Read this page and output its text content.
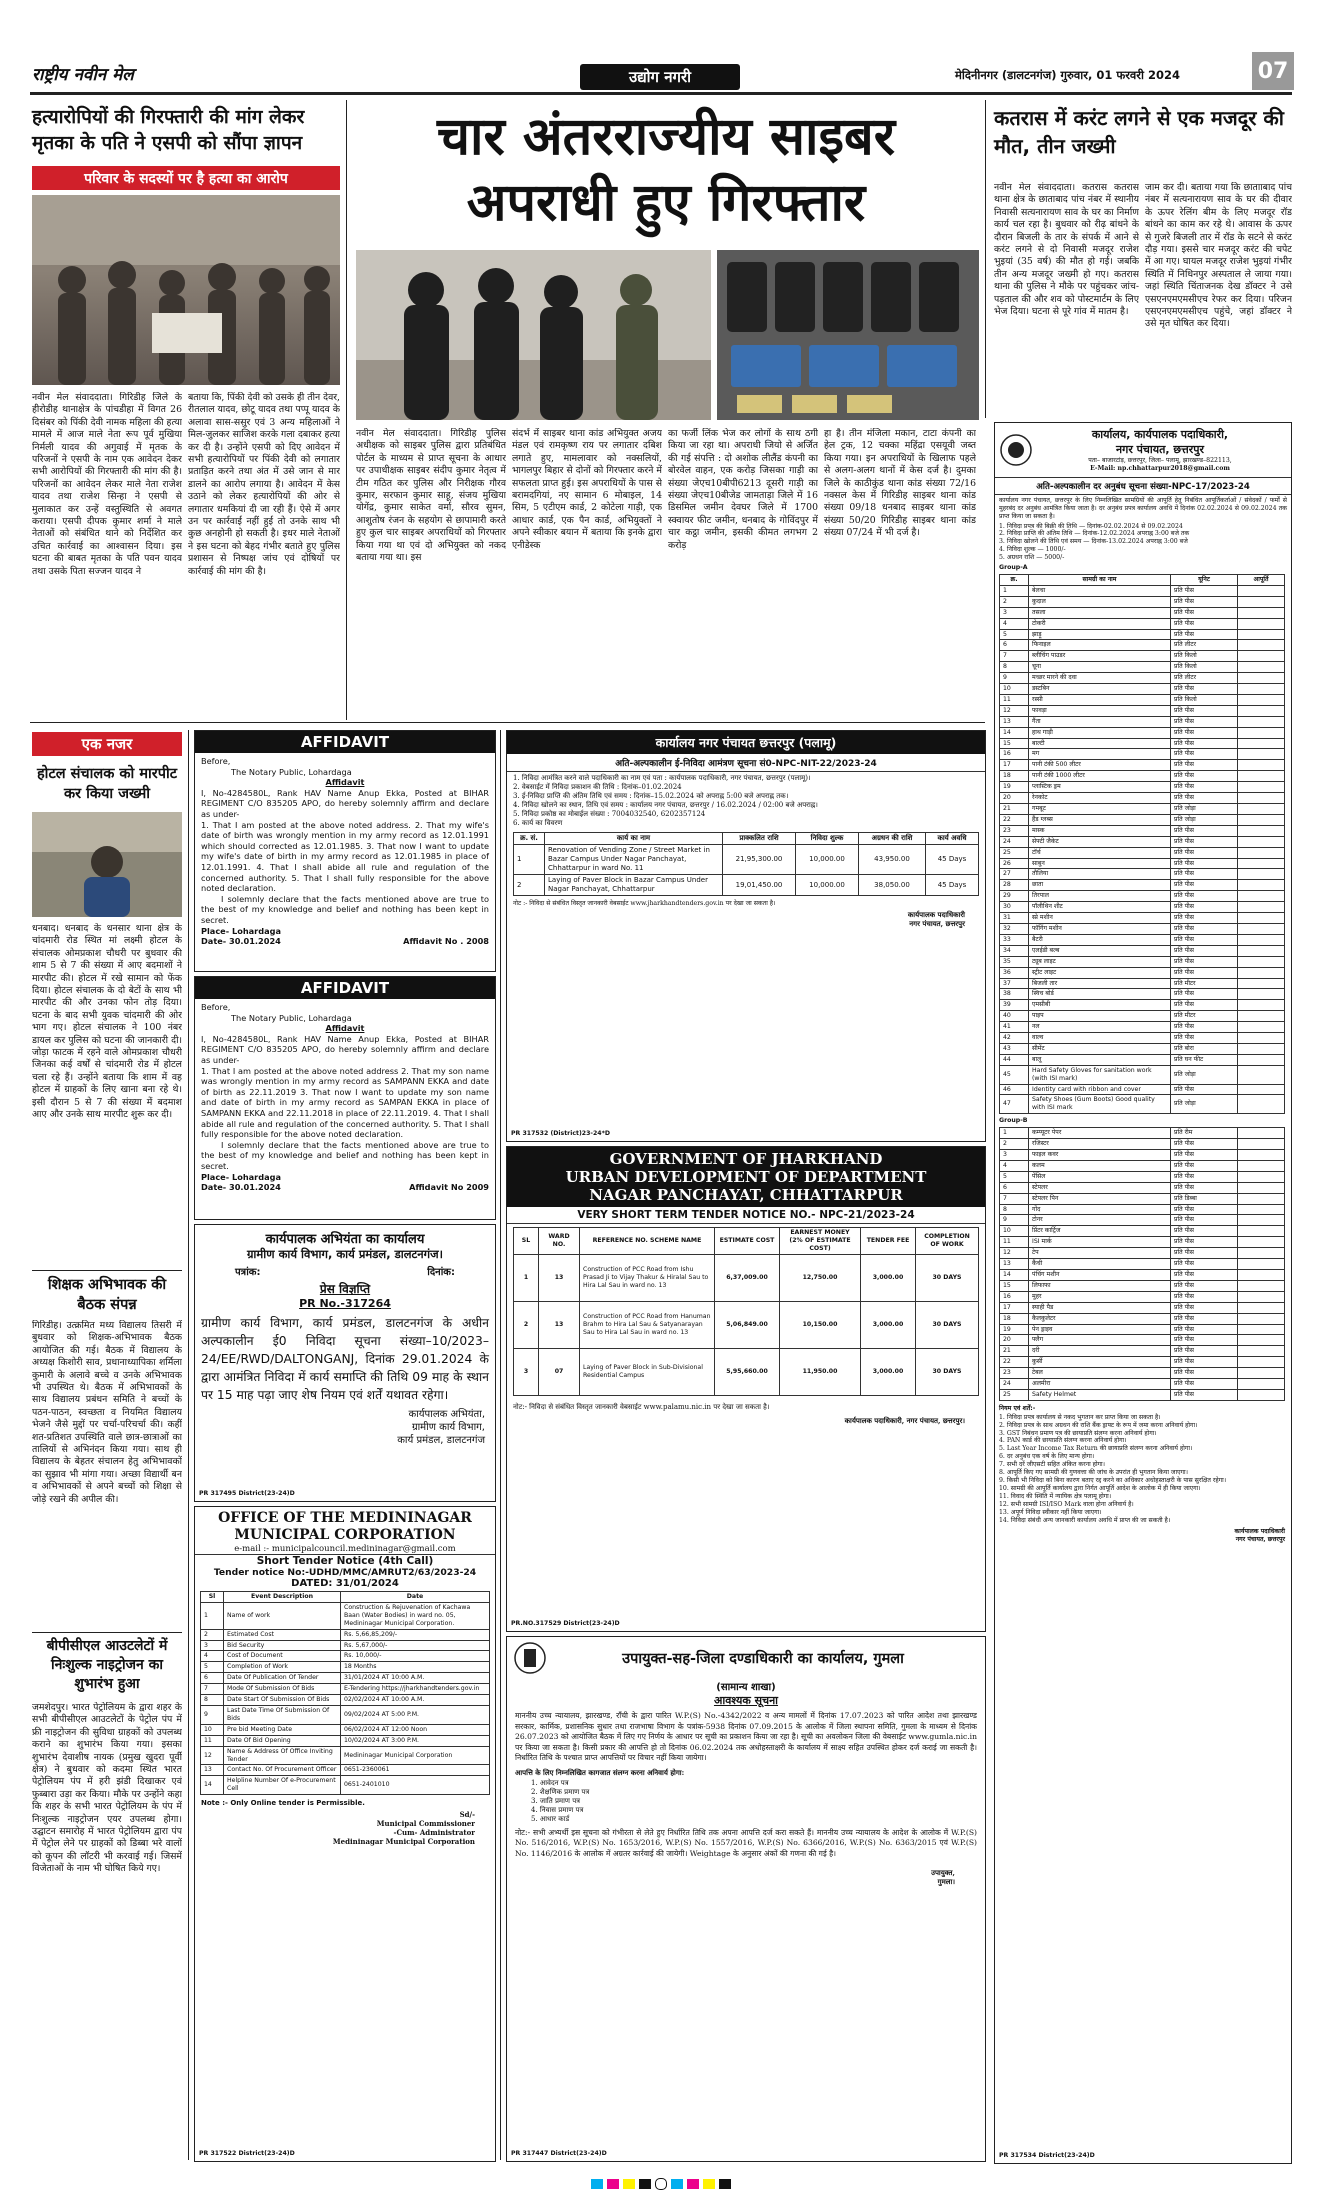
राष्ट्रीय नवीन मेल	उद्योग नगरी	मेदिनीनगर (डालटनगंज) गुरुवार, 01 फरवरी 2024	07
हत्यारोपियों की गिरफ्तारी की मांग लेकर मृतका के पति ने एसपी को सौंपा ज्ञापन
परिवार के सदस्यों पर है हत्या का आरोप
नवीन मेल संवाददाता। गिरिडीह जिले के हीरोडीह थानाक्षेत्र के पांचडीहा में विगत 26 दिसंबर को पिंकी देवी नामक महिला की हत्या मामले में आज माले नेता रूप पूर्व मुखिया निर्मली यादव की अगुवाई में मृतक के परिजनों ने एसपी के नाम एक आवेदन देकर सभी आरोपियों की गिरफ्तारी की मांग की है। परिजनों का आवेदन लेकर माले नेता राजेश यादव तथा राजेश सिन्हा ने एसपी से मुलाकात कर उन्हें वस्तुस्थिति से अवगत कराया। एसपी दीपक कुमार शर्मा ने माले नेताओं को संबंधित थाने को निर्देशित कर उचित कार्रवाई का आश्वासन दिया। इस घटना की बाबत मृतका के पति पवन यादव तथा उसके पिता सज्जन यादव ने
बताया कि, पिंकी देवी को उसके ही तीन देवर, रीतलाल यादव, छोटू यादव तथा पप्पू यादव के अलावा सास-ससुर एवं 3 अन्य महिलाओं ने मिल-जुलकर साजिश करके गला दबाकर हत्या कर दी है। उन्होंने एसपी को दिए आवेदन में सभी हत्यारोपियों पर पिंकी देवी को लगातार प्रताड़ित करने तथा अंत में उसे जान से मार डालने का आरोप लगाया है। आवेदन में केस उठाने को लेकर हत्यारोपियों की ओर से लगातार धमकियां दी जा रही हैं। ऐसे में अगर उन पर कार्रवाई नहीं हुई तो उनके साथ भी कुछ अनहोनी हो सकती है। इधर माले नेताओं ने इस घटना को बेहद गंभीर बताते हुए पुलिस प्रशासन से निष्पक्ष जांच एवं दोषियों पर कार्रवाई की मांग की है।
चार अंतरराज्यीय साइबर अपराधी हुए गिरफ्तार
नवीन मेल संवाददाता। गिरिडीह पुलिस अधीक्षक को साइबर पुलिस द्वारा प्रतिबंधित पोर्टल के माध्यम से प्राप्त सूचना के आधार पर उपाधीक्षक साइबर संदीप कुमार नेतृत्व में टीम गठित कर पुलिस और निरीक्षक गौरव कुमार, सरफान कुमार साहू, संजय मुखिया योगेंद्र, कुमार साकेत वर्मा, सौरव सुमन, आशुतोष रंजन के सहयोग से छापामारी करते हुए कुल चार साइबर अपराधियों को गिरफ्तार किया गया था एवं दो अभियुक्त को नकद बताया गया था। इस
संदर्भ में साइबर थाना कांड अभियुक्त अजय मंडल एवं रामकृष्ण राय पर लगातार दबिश लगाते हुए, मामलावार को नक्सलियों, भागलपुर बिहार से दोनों को गिरफ्तार करने में सफलता प्राप्त हुई। इस अपराधियों के पास से बरामदगियां, नए सामान 6 मोबाइल, 14 सिम, 5 एटीएम कार्ड, 2 कोटेला गाड़ी, एक आधार कार्ड, एक पैन कार्ड, अभियुक्तों ने अपने स्वीकार बयान में बताया कि इनके द्वारा एनीडेस्क
का फर्जी लिंक भेज कर लोगों के साथ ठगी किया जा रहा था। अपराधी जियो से अर्जित की गई संपत्ति : दो अशोक लीलैंड कंपनी का बोरवेल वाहन, एक करोड़ जिसका गाड़ी का संख्या जेएच10बीपी6213 दूसरी गाड़ी का संख्या जेएच10बीजेड जामताड़ा जिले में 16 डिसमिल जमीन देवघर जिले में 1700 स्क्वायर फीट जमीन, धनबाद के गोविंदपुर में चार कट्ठा जमीन, इसकी कीमत लगभग 2 करोड़
हा है। तीन मंजिला मकान, टाटा कंपनी का हेल ट्रक, 12 चक्का महिंद्रा एसयूवी जब्त किया गया। इन अपराधियों के खिलाफ पहले से अलग-अलग थानों में केस दर्ज है। दुमका जिले के काठीकुंड थाना कांड संख्या 72/16 नक्सल केस में गिरिडीह साइबर थाना कांड संख्या 09/18 धनबाद साइबर थाना कांड संख्या 50/20 गिरिडीह साइबर थाना कांड संख्या 07/24 में भी दर्ज है।
कतरास में करंट लगने से एक मजदूर की मौत, तीन जख्मी
नवीन मेल संवाददाता। कतरास कतरास थाना क्षेत्र के छाताबाद पांच नंबर में स्थानीय निवासी सत्यनारायण साव के घर का निर्माण कार्य चल रहा है। बुधवार को रीढ़ बांधने के दौरान बिजली के तार के संपर्क में आने से करंट लगने से दो निवासी मजदूर राजेश भुइयां (35 वर्ष) की मौत हो गई। जबकि तीन अन्य मजदूर जख्मी हो गए। कतरास थाना की पुलिस ने मौके पर पहुंचकर जांच-पड़ताल की और शव को पोस्टमार्टम के लिए भेज दिया। घटना से पूरे गांव में मातम है।
जाम कर दी। बताया गया कि छातााबाद पांच नंबर में सत्यनारायण साव के घर की दीवार के ऊपर रेलिंग बीम के लिए मजदूर रॉड बांधने का काम कर रहे थे। आवास के ऊपर से गुजरे बिजली तार में रॉड के सटने से करंट दौड़ गया। इससे चार मजदूर करंट की चपेट में आ गए। घायल मजदूर राजेश भुइयां गंभीर स्थिति में निधिनपुर अस्पताल ले जाया गया। जहां स्थिति चिंताजनक देख डॉक्टर ने उसे एसएनएमएमसीएच रेफर कर दिया। परिजन एसएनएमएमसीएच पहुंचे, जहां डॉक्टर ने उसे मृत घोषित कर दिया।
कार्यालय, कार्यपालक पदाधिकारी,
नगर पंचायत, छत्तरपुर
पता– बाजारटांड़, छत्तरपुर, जिला– पलामू, झारखण्ड–822113,
E-Mail: np.chhattarpur2018@gmail.com
अति-अल्पकालीन दर अनुबंध सूचना संख्या-NPC-17/2023-24
कार्यालय नगर पंचायत, छत्तरपुर के लिए निम्नलिखित सामग्रियों की आपूर्ति हेतु निबंधित आपूर्तिकर्ताओं / संवेदकों / फर्मों से मुहरबंद दर अनुबंध आमंत्रित किया जाता है। दर अनुबंध प्रपत्र कार्यालय अवधि में दिनांक 02.02.2024 से 09.02.2024 तक प्राप्त किया जा सकता है।
1. निविदा प्रपत्र की बिक्री की तिथि — दिनांक-02.02.2024 से 09.02.2024
2. निविदा प्राप्ति की अंतिम तिथि — दिनांक-12.02.2024 अपराह्न 3:00 बजे तक
3. निविदा खोलने की तिथि एवं समय — दिनांक-13.02.2024 अपराह्न 3:00 बजे
4. निविदा शुल्क — 1000/-
5. अग्रधन राशि — 5000/-
Group-A
क्र.	सामग्री का नाम	यूनिट	आपूर्ति
1	बेलचा	प्रति पीस	
2	कुदाल	प्रति पीस	
3	तसला	प्रति पीस	
4	टोकरी	प्रति पीस	
5	झाड़ू	प्रति पीस	
6	फिनाइल	प्रति लीटर	
7	ब्लीचिंग पाउडर	प्रति किलो	
8	चूना	प्रति किलो	
9	मच्छर मारने की दवा	प्रति लीटर	
10	डस्टबिन	प्रति पीस	
11	रस्सी	प्रति किलो	
12	फावड़ा	प्रति पीस	
13	गैंता	प्रति पीस	
14	हाथ गाड़ी	प्रति पीस	
15	बाल्टी	प्रति पीस	
16	मग	प्रति पीस	
17	पानी टंकी 500 लीटर	प्रति पीस	
18	पानी टंकी 1000 लीटर	प्रति पीस	
19	प्लास्टिक ड्रम	प्रति पीस	
20	रेनकोट	प्रति पीस	
21	गमबूट	प्रति जोड़ा	
22	हैंड ग्लब्स	प्रति जोड़ा	
23	मास्क	प्रति पीस	
24	सेफ्टी जैकेट	प्रति पीस	
25	टॉर्च	प्रति पीस	
26	साबुन	प्रति पीस	
27	तौलिया	प्रति पीस	
28	छाता	प्रति पीस	
29	तिरपाल	प्रति पीस	
30	पॉलीथिन शीट	प्रति पीस	
31	स्प्रे मशीन	प्रति पीस	
32	फॉगिंग मशीन	प्रति पीस	
33	बैटरी	प्रति पीस	
34	एलईडी बल्ब	प्रति पीस	
35	ट्यूब लाइट	प्रति पीस	
36	स्ट्रीट लाइट	प्रति पीस	
37	बिजली तार	प्रति मीटर	
38	स्विच बोर्ड	प्रति पीस	
39	एमसीबी	प्रति पीस	
40	पाइप	प्रति मीटर	
41	नल	प्रति पीस	
42	वाल्व	प्रति पीस	
43	सीमेंट	प्रति बोरा	
44	बालू	प्रति घन फीट	
45	Hard Safety Gloves for sanitation work (with ISI mark)	प्रति जोड़ा	
46	Identity card with ribbon and cover	प्रति पीस	
47	Safety Shoes (Gum Boots) Good quality with ISI mark	प्रति जोड़ा	
Group-B
1	कम्प्यूटर पेपर	प्रति रीम	
2	रजिस्टर	प्रति पीस	
3	फाइल कवर	प्रति पीस	
4	कलम	प्रति पीस	
5	पेंसिल	प्रति पीस	
6	स्टेपलर	प्रति पीस	
7	स्टेपलर पिन	प्रति डिब्बा	
8	गोंद	प्रति पीस	
9	टोनर	प्रति पीस	
10	प्रिंटर कार्ट्रिज	प्रति पीस	
11	ISI मार्क	प्रति पीस	
12	टेप	प्रति पीस	
13	कैंची	प्रति पीस	
14	पंचिंग मशीन	प्रति पीस	
15	लिफाफा	प्रति पीस	
16	मुहर	प्रति पीस	
17	स्याही पैड	प्रति पीस	
18	कैलकुलेटर	प्रति पीस	
19	पेन ड्राइव	प्रति पीस	
20	फ्लैग	प्रति पीस	
21	दरी	प्रति पीस	
22	कुर्सी	प्रति पीस	
23	टेबल	प्रति पीस	
24	अलमीरा	प्रति पीस	
25	Safety Helmet	प्रति पीस	
नियम एवं शर्तें:-
1. निविदा प्रपत्र कार्यालय से नकद भुगतान कर प्राप्त किया जा सकता है।
2. निविदा प्रपत्र के साथ अग्रधन की राशि बैंक ड्राफ्ट के रूप में जमा करना अनिवार्य होगा।
3. GST निबंधन प्रमाण पत्र की छायाप्रति संलग्न करना अनिवार्य होगा।
4. PAN कार्ड की छायाप्रति संलग्न करना अनिवार्य होगा।
5. Last Year Income Tax Return की छायाप्रति संलग्न करना अनिवार्य होगा।
6. दर अनुबंध एक वर्ष के लिए मान्य होगा।
7. सभी दरें जीएसटी सहित अंकित करना होगा।
8. आपूर्ति किए गए सामग्री की गुणवत्ता की जांच के उपरांत ही भुगतान किया जाएगा।
9. किसी भी निविदा को बिना कारण बताए रद्द करने का अधिकार अधोहस्ताक्षरी के पास सुरक्षित रहेगा।
10. सामग्री की आपूर्ति कार्यालय द्वारा निर्गत आपूर्ति आदेश के आलोक में ही किया जाएगा।
11. विवाद की स्थिति में न्यायिक क्षेत्र पलामू होगा।
12. सभी सामग्री ISI/ISO Mark वाला होना अनिवार्य है।
13. अपूर्ण निविदा स्वीकार नहीं किया जाएगा।
14. निविदा संबंधी अन्य जानकारी कार्यालय अवधि में प्राप्त की जा सकती है।
कार्यपालक पदाधिकारी
नगर पंचायत, छत्तरपुर
PR 317534 District(23-24)D
एक नजर
होटल संचालक को मारपीट कर किया जख्मी
धनबाद। धनबाद के धनसार थाना क्षेत्र के चांदमारी रोड स्थित मां लक्ष्मी होटल के संचालक ओमप्रकाश चौधरी पर बुधवार की शाम 5 से 7 की संख्या में आए बदमाशों ने मारपीट की। होटल में रखे सामान को फेंक दिया। होटल संचालक के दो बेटों के साथ भी मारपीट की और उनका फोन तोड़ दिया। घटना के बाद सभी युवक चांदमारी की ओर भाग गए। होटल संचालक ने 100 नंबर डायल कर पुलिस को घटना की जानकारी दी। जोड़ा फाटक में रहने वाले ओमप्रकाश चौधरी जिनका कई वर्षों से चांदमारी रोड में होटल चला रहे हैं। उन्होंने बताया कि शाम में वह होटल में ग्राहकों के लिए खाना बना रहे थे। इसी दौरान 5 से 7 की संख्या में बदमाश आए और उनके साथ मारपीट शुरू कर दी।
शिक्षक अभिभावक की बैठक संपन्न
गिरिडीह। उत्क्रमित मध्य विद्यालय तिसरी में बुधवार को शिक्षक-अभिभावक बैठक आयोजित की गई। बैठक में विद्यालय के अध्यक्ष किशोरी साव, प्रधानाध्यापिका शर्मिला कुमारी के अलावे बच्चे व उनके अभिभावक भी उपस्थित थे। बैठक में अभिभावकों के साथ विद्यालय प्रबंधन समिति ने बच्चों के पठन-पाठन, स्वच्छता व नियमित विद्यालय भेजने जैसे मुद्दों पर चर्चा-परिचर्चा की। कहीं शत-प्रतिशत उपस्थिति वाले छात्र-छात्राओं का तालियों से अभिनंदन किया गया। साथ ही विद्यालय के बेहतर संचालन हेतु अभिभावकों का सुझाव भी मांगा गया। अच्छा विद्यार्थी बन व अभिभावकों से अपने बच्चों को शिक्षा से जोड़े रखने की अपील की।
बीपीसीएल आउटलेटों में निःशुल्क नाइट्रोजन का शुभारंभ हुआ
जमशेदपुर। भारत पेट्रोलियम के द्वारा शहर के सभी बीपीसीएल आउटलेटों के पेट्रोल पंप में फ्री नाइट्रोजन की सुविधा ग्राहकों को उपलब्ध कराने का शुभारंभ किया गया। इसका शुभारंभ देवाशीष नायक (प्रमुख खुदरा पूर्वी क्षेत्र) ने बुधवार को कदमा स्थित भारत पेट्रोलियम पंप में हरी झंडी दिखाकर एवं फुब्बारा उड़ा कर किया। मौके पर उन्होंने कहा कि शहर के सभी भारत पेट्रोलियम के पंप में निःशुल्क नाइट्रोजन एयर उपलब्ध होगा। उद्घाटन समारोह में भारत पेट्रोलियम द्वारा पंप में पेट्रोल लेने पर ग्राहकों को डिब्बा भरे वालों को कूपन की लॉटरी भी करवाई गई। जिसमें विजेताओं के नाम भी घोषित किये गए।
AFFIDAVIT
Before,
The Notary Public, Lohardaga
Affidavit
I, No-4284580L, Rank HAV Name Anup Ekka, Posted at BIHAR REGIMENT C/O 835205 APO, do hereby solemnly affirm and declare as under-
1. That I am posted at the above noted address. 2. That my wife's date of birth was wrongly mention in my army record as 12.01.1991 which should corrected as 12.01.1985. 3. That now I want to update my wife's date of birth in my army record as 12.01.1985 in place of 12.01.1991. 4. That I shall abide all rule and regulation of the concerned authority. 5. That I shall fully responsible for the above noted declaration.
I solemnly declare that the facts mentioned above are true to the best of my knowledge and belief and nothing has been kept in secret.
Place- Lohardaga
Date- 30.01.2024	Affidavit No . 2008
AFFIDAVIT
Before,
The Notary Public, Lohardaga
Affidavit
I, No-4284580L, Rank HAV Name Anup Ekka, Posted at BIHAR REGIMENT C/O 835205 APO, do hereby solemnly affirm and declare as under-
1. That I am posted at the above noted address 2. That my son name was wrongly mention in my army record as SAMPANN EKKA and date of birth as 22.11.2019 3. That now I want to update my son name and date of birth in my army record as SAMPAN EKKA in place of SAMPANN EKKA and 22.11.2018 in place of 22.11.2019. 4. That I shall abide all rule and regulation of the concerned authority. 5. That I shall fully responsible for the above noted declaration.
I solemnly declare that the facts mentioned above are true to the best of my knowledge and belief and nothing has been kept in secret.
Place- Lohardaga
Date- 30.01.2024	Affidavit No 2009
कार्यपालक अभियंता का कार्यालय
ग्रामीण कार्य विभाग, कार्य प्रमंडल, डालटनगंज।
पत्रांक:	दिनांक:
प्रेस विज्ञप्ति
PR No.-317264
ग्रामीण कार्य विभाग, कार्य प्रमंडल, डालटनगंज के अधीन अल्पकालीन ई0 निविदा सूचना संख्या–10/2023–24/EE/RWD/DALTONGANJ, दिनांक 29.01.2024 के द्वारा आमंत्रित निविदा में कार्य समाप्ति की तिथि 09 माह के स्थान पर 15 माह पढ़ा जाए शेष नियम एवं शर्तें यथावत रहेगा।
कार्यपालक अभियंता,
ग्रामीण कार्य विभाग,
कार्य प्रमंडल, डालटनगंज
PR 317495 District(23-24)D
OFFICE OF THE MEDININAGAR
MUNICIPAL CORPORATION
e-mail :- municipalcouncil.medininagar@gmail.com
Short Tender Notice (4th Call)
Tender notice No:-UDHD/MMC/AMRUT2/63/2023-24
DATED: 31/01/2024
Sl	Event Description	Date
1	Name of work	Construction & Rejuvenation of Kachawa Baan (Water Bodies) in ward no. 05, Medininagar Municipal Corporation.
2	Estimated Cost	Rs. 5,66,85,209/-
3	Bid Security	Rs. 5,67,000/-
4	Cost of Document	Rs. 10,000/-
5	Completion of Work	18 Months
6	Date Of Publication Of Tender	31/01/2024 AT 10:00 A.M.
7	Mode Of Submission Of Bids	E-Tendering https://jharkhandtenders.gov.in
8	Date Start Of Submission Of Bids	02/02/2024 AT 10:00 A.M.
9	Last Date Time Of Submission Of Bids	09/02/2024 AT 5:00 P.M.
10	Pre bid Meeting Date	06/02/2024 AT 12:00 Noon
11	Date Of Bid Opening	10/02/2024 AT 3:00 P.M.
12	Name & Address Of Office Inviting Tender	Medininagar Municipal Corporation
13	Contact No. Of Procurement Officer	0651-2360061
14	Helpline Number Of e-Procurement Cell	0651-2401010
Note :- Only Online tender is Permissible.
Sd/-
Municipal Commissioner
-Cum- Administrator
Medininagar Municipal Corporation
PR 317522 District(23-24)D
कार्यालय नगर पंचायत छत्तरपुर (पलामू)
अति-अल्पकालीन ई-निविदा आमंत्रण सूचना सं0-NPC-NIT-22/2023-24
1. निविदा आमंत्रित करने वाले पदाधिकारी का नाम एवं पता : कार्यपालक पदाधिकारी, नगर पंचायत, छत्तरपुर (पलामू)।
2. वेबसाईट में निविदा प्रकाशन की तिथि : दिनांक–01.02.2024
3. ई-निविदा प्राप्ति की अंतिम तिथि एवं समय : दिनांक–15.02.2024 को अपराह्न 5:00 बजे अपराह्न तक।
4. निविदा खोलने का स्थान, तिथि एवं समय : कार्यालय नगर पंचायत, छत्तरपुर / 16.02.2024 / 02:00 बजे अपराह्न।
5. निविदा प्रकोष्ठ का मोबाईल संख्या : 7004032540, 6202357124
6. कार्य का विवरण
क्र. सं.	कार्य का नाम	प्राक्कलित राशि	निविदा शुल्क	अग्रधन की राशि	कार्य अवधि
1	Renovation of Vending Zone / Street Market in Bazar Campus Under Nagar Panchayat, Chhattarpur in ward No. 11	21,95,300.00	10,000.00	43,950.00	45 Days
2	Laying of Paver Block in Bazar Campus Under Nagar Panchayat, Chhattarpur	19,01,450.00	10,000.00	38,050.00	45 Days
नोट :- निविदा से संबंधित विस्तृत जानकारी वेबसाईट www.jharkhandtenders.gov.in पर देखा जा सकता है।
कार्यपालक पदाधिकारी
नगर पंचायत, छत्तरपुर
PR 317532 (District)23-24*D
GOVERNMENT OF JHARKHAND
URBAN DEVELOPMENT OF DEPARTMENT
NAGAR PANCHAYAT, CHHATTARPUR
VERY SHORT TERM TENDER NOTICE NO.- NPC-21/2023-24
SL	WARD NO.	REFERENCE NO. SCHEME NAME	ESTIMATE COST	EARNEST MONEY (2% OF ESTIMATE COST)	TENDER FEE	COMPLETION OF WORK
1	13	Construction of PCC Road from Ishu Prasad Ji to Vijay Thakur & Hiralal Sau to Hira Lal Sau in ward no. 13	6,37,009.00	12,750.00	3,000.00	30 DAYS
2	13	Construction of PCC Road from Hanuman Brahm to Hira Lal Sau & Satyanarayan Sau to Hira Lal Sau in ward no. 13	5,06,849.00	10,150.00	3,000.00	30 DAYS
3	07	Laying of Paver Block in Sub-Divisional Residential Campus	5,95,660.00	11,950.00	3,000.00	30 DAYS
नोट:- निविदा से संबंधित विस्तृत जानकारी वेबसाईट www.palamu.nic.in पर देखा जा सकता है।
कार्यपालक पदाधिकारी, नगर पंचायत, छत्तरपुर।
PR.NO.317529 District(23-24)D
उपायुक्त-सह-जिला दण्डाधिकारी का कार्यालय, गुमला
(सामान्य शाखा)
आवश्यक सूचना
माननीय उच्च न्यायालय, झारखण्ड, राँची के द्वारा पारित W.P.(S) No.-4342/2022 व अन्य मामलों में दिनांक 17.07.2023 को पारित आदेश तथा झारखण्ड सरकार, कार्मिक, प्रशासनिक सुधार तथा राजभाषा विभाग के पत्रांक-5938 दिनांक 07.09.2015 के आलोक में जिला स्थापना समिति, गुमला के माध्यम से दिनांक 26.07.2023 को आयोजित बैठक में लिए गए निर्णय के आधार पर सूची का प्रकाशन किया जा रहा है। सूची का अवलोकन जिला की वेबसाईट www.gumla.nic.in पर किया जा सकता है। किसी प्रकार की आपत्ति हो तो दिनांक 06.02.2024 तक अधोहस्ताक्षरी के कार्यालय में साक्ष्य सहित उपस्थित होकर दर्ज कराई जा सकती है। निर्धारित तिथि के पश्चात प्राप्त आपत्तियों पर विचार नहीं किया जायेगा।
आपत्ति के लिए निम्नलिखित कागजात संलग्न करना अनिवार्य होगा:
1. आवेदन पत्र
2. शैक्षणिक प्रमाण पत्र
3. जाति प्रमाण पत्र
4. निवास प्रमाण पत्र
5. आधार कार्ड
नोट:- सभी अभ्यर्थी इस सूचना को गंभीरता से लेते हुए निर्धारित तिथि तक अपना आपत्ति दर्ज करा सकते हैं। माननीय उच्च न्यायालय के आदेश के आलोक में W.P.(S) No. 516/2016, W.P.(S) No. 1653/2016, W.P.(S) No. 1557/2016, W.P.(S) No. 6366/2016, W.P.(S) No. 6363/2015 एवं W.P.(S) No. 1146/2016 के आलोक में अग्रतर कार्रवाई की जायेगी। Weightage के अनुसार अंकों की गणना की गई है।
उपायुक्त,
गुमला।
PR 317447 District(23-24)D
